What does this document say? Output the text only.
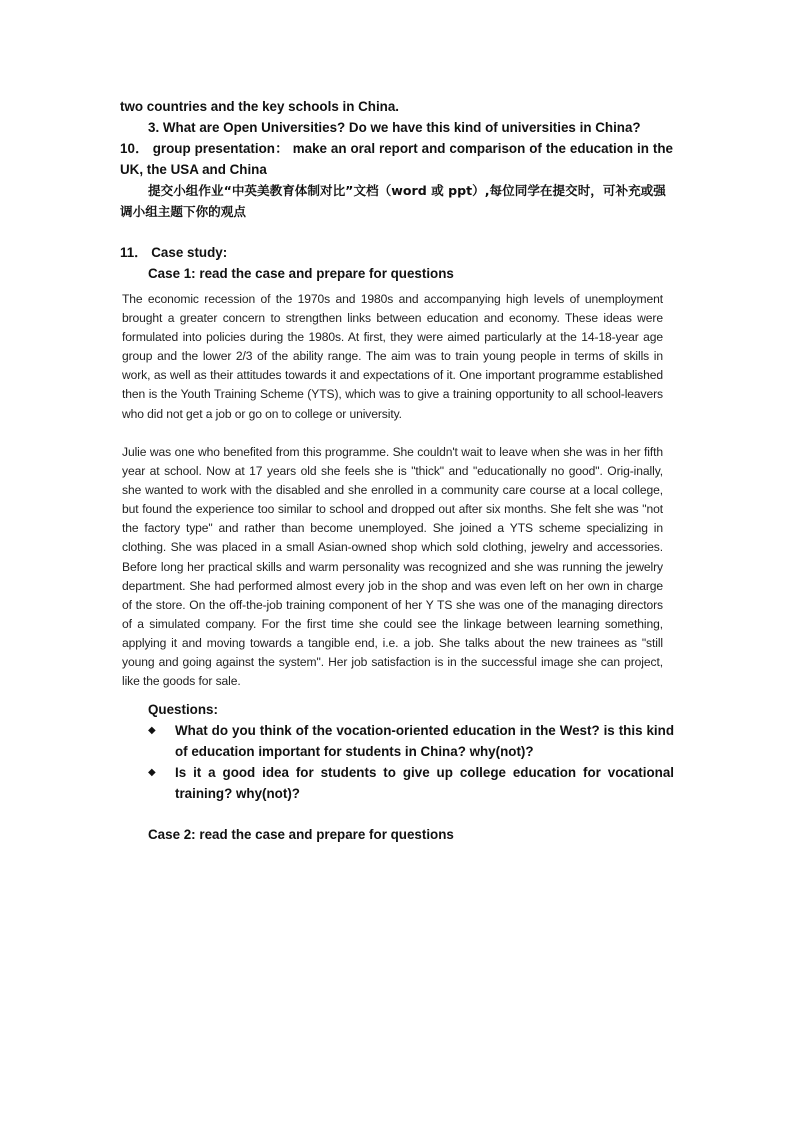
two countries and the key schools in China.
3. What are Open Universities? Do we have this kind of universities in China?
10． group presentation： make an oral report and comparison of the education in the UK, the USA and China
提交小组作业“中英美教育体制对比”文档（word 或 ppt）,每位同学在提交时，可补充或强调小组主题下你的观点
11． Case study:
Case 1: read the case and prepare for questions
The economic recession of the 1970s and 1980s and accompanying high levels of unemployment brought a greater concern to strengthen links between education and economy. These ideas were formulated into policies during the 1980s. At first, they were aimed particularly at the 14-18-year age group and the lower 2/3 of the ability range. The aim was to train young people in terms of skills in work, as well as their attitudes towards it and expectations of it. One important programme established then is the Youth Training Scheme (YTS), which was to give a training opportunity to all school-leavers who did not get a job or go on to college or university.
Julie was one who benefited from this programme. She couldn't wait to leave when she was in her fifth year at school. Now at 17 years old she feels she is "thick" and "educationally no good". Orig-inally, she wanted to work with the disabled and she enrolled in a community care course at a local college, but found the experience too similar to school and dropped out after six months. She felt she was "not the factory type" and rather than become unemployed. She joined a YTS scheme specializing in clothing. She was placed in a small Asian-owned shop which sold clothing, jewelry and accessories. Before long her practical skills and warm personality was recognized and she was running the jewelry department. She had performed almost every job in the shop and was even left on her own in charge of the store. On the off-the-job training component of her Y TS she was one of the managing directors of a simulated company. For the first time she could see the linkage between learning something, applying it and moving towards a tangible end, i.e. a job. She talks about the new trainees as "still young and going against the system". Her job satisfaction is in the successful image she can project, like the goods for sale.
Questions:
◆ What do you think of the vocation-oriented education in the West? is this kind of education important for students in China? why(not)?
◆ Is it a good idea for students to give up college education for vocational training? why(not)?
Case 2: read the case and prepare for questions
